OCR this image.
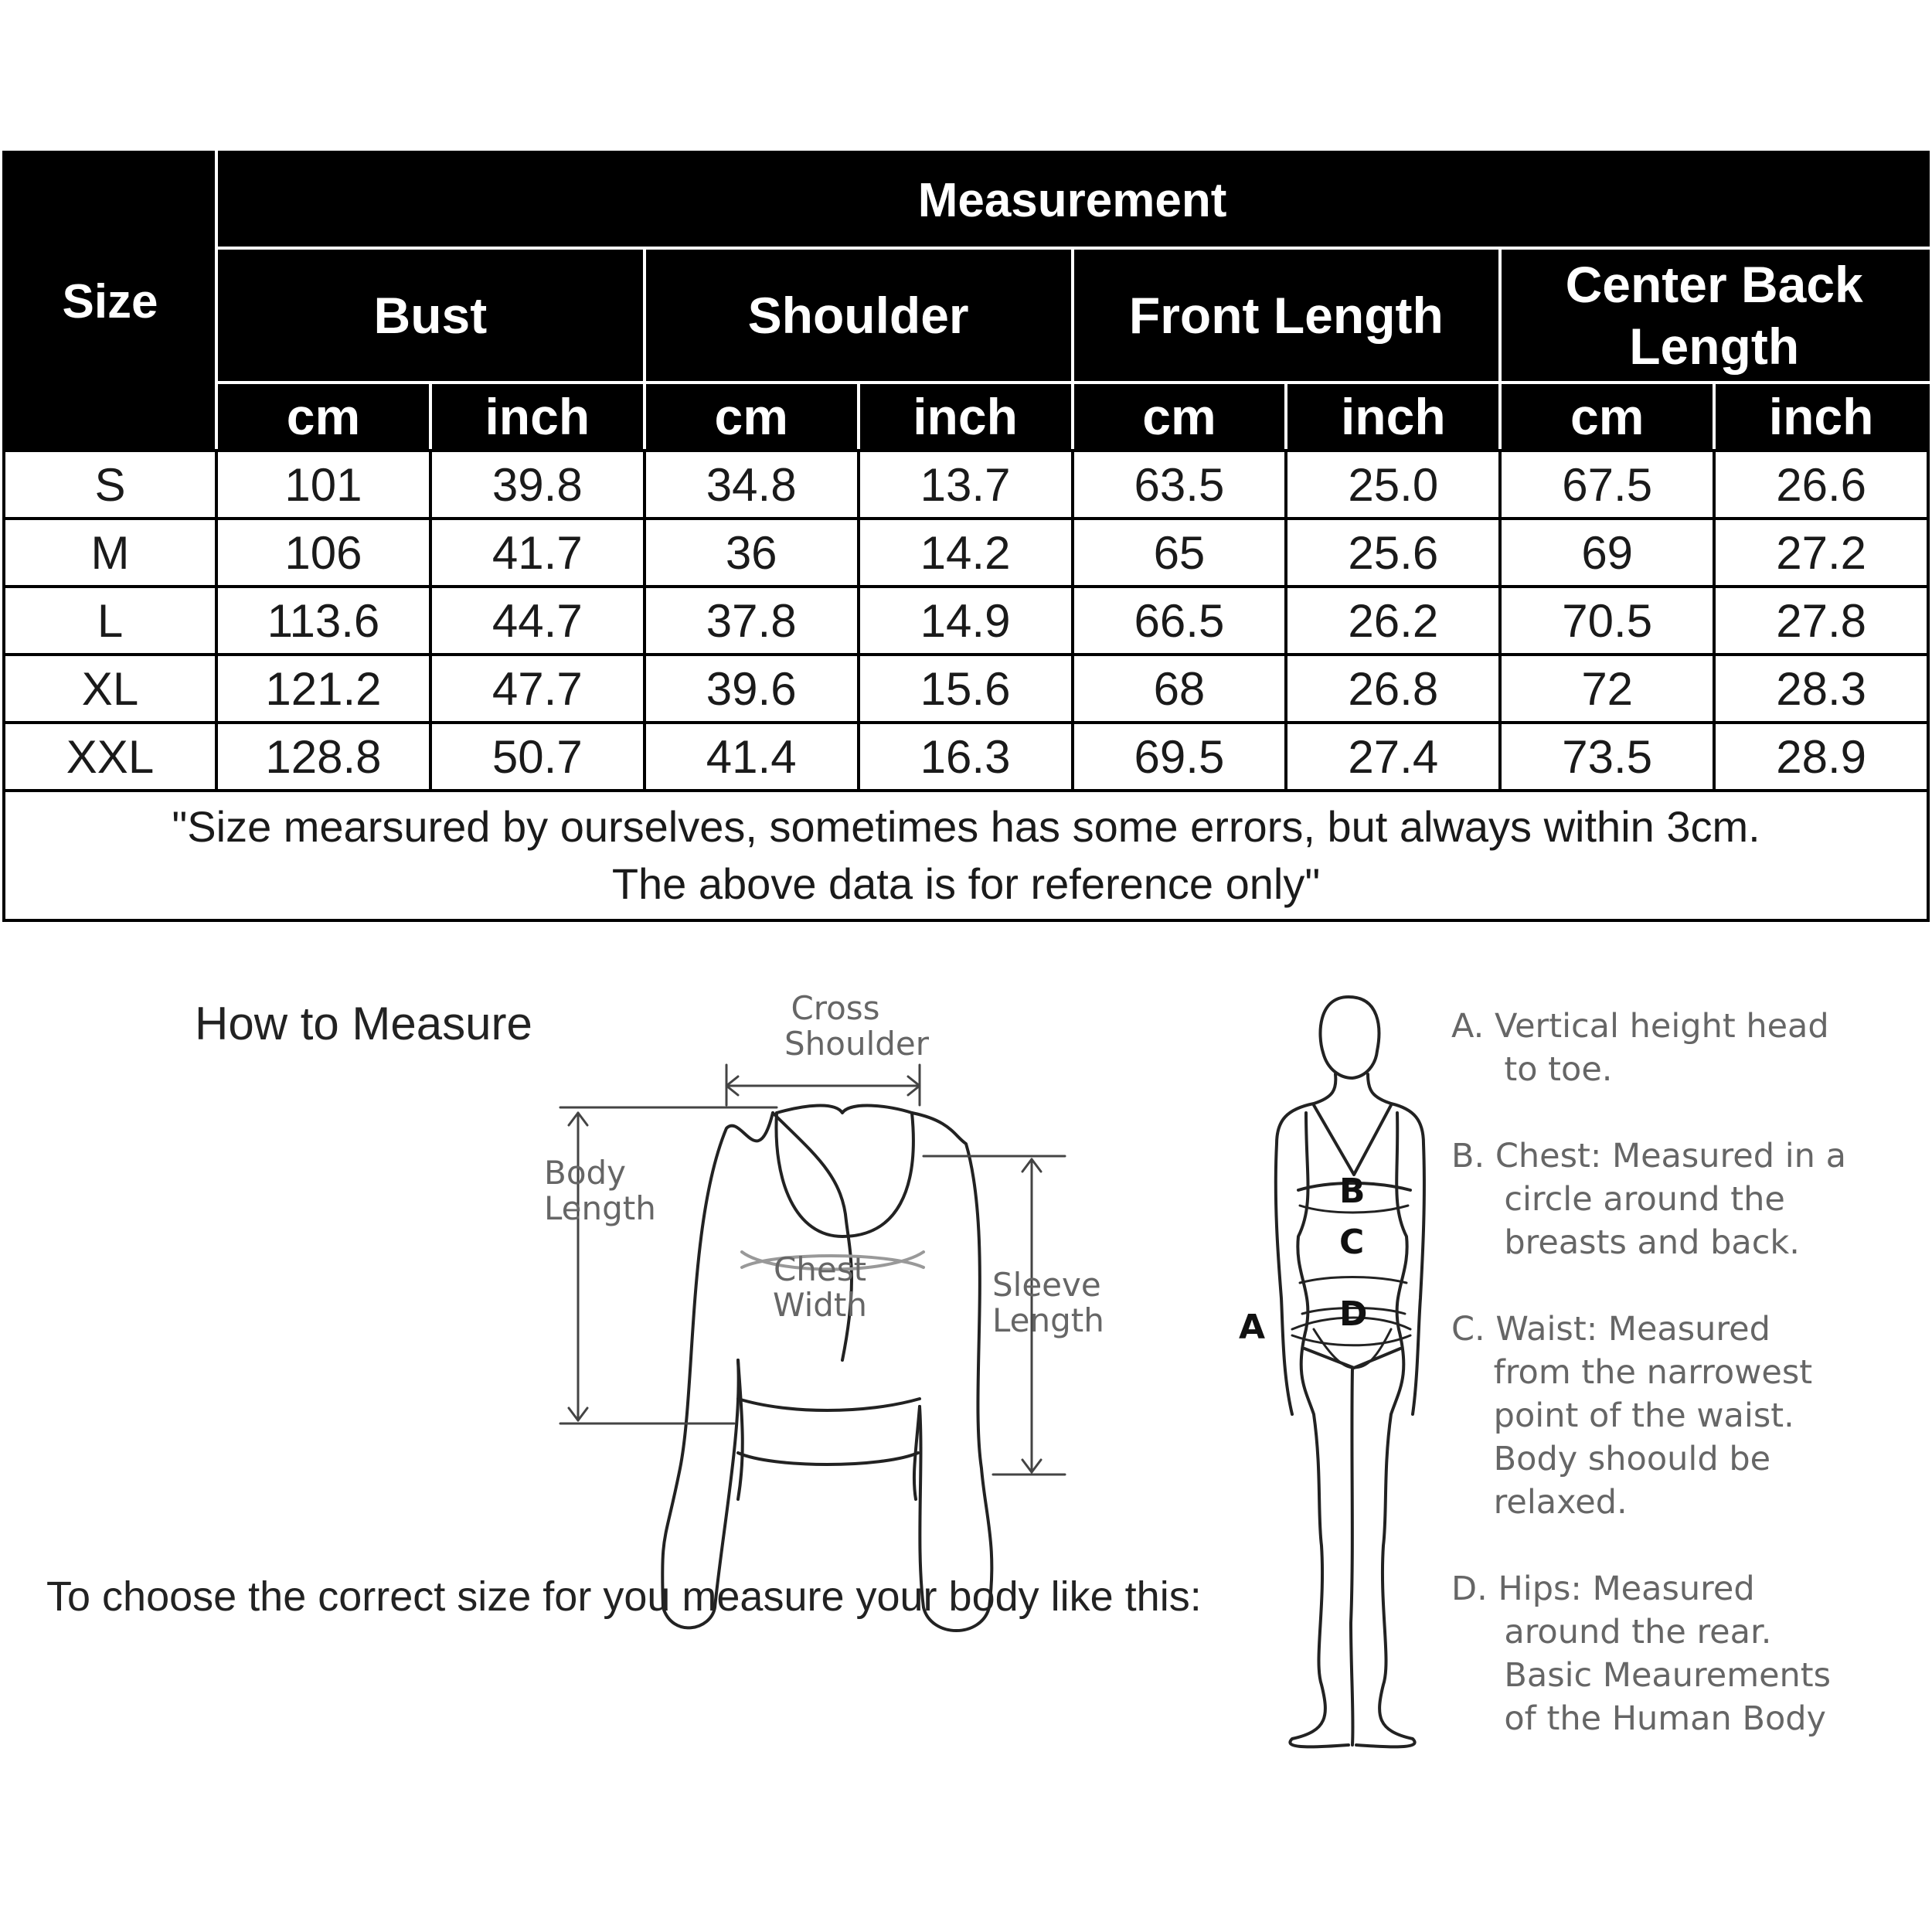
Size	Measurement							
	Bust		Shoulder		Front Length		Center Back
Length	
	cm	inch	cm	inch	cm	inch	cm	inch
S	101	39.8	34.8	13.7	63.5	25.0	67.5	26.6
M	106	41.7	36	14.2	65	25.6	69	27.2
L	113.6	44.7	37.8	14.9	66.5	26.2	70.5	27.8
XL	121.2	47.7	39.6	15.6	68	26.8	72	28.3
XXL	128.8	50.7	41.4	16.3	69.5	27.4	73.5	28.9
"Size mearsured by ourselves, sometimes has some errors, but always within 3cm.
The above data is for reference only"								
How to Measure
To choose the correct size for you measure your body like this:
Cross
Shoulder
Body
Length
Chest
Width
Sleeve
Length	A
B
C
D
A. Vertical height head
to toe.
B. Chest: Measured in a
circle around the
breasts and back.
C. Waist: Measured
from the narrowest
point of the waist.
Body shoould be
relaxed.
D. Hips: Measured
around the rear.
Basic Meaurements
of the Human Body
